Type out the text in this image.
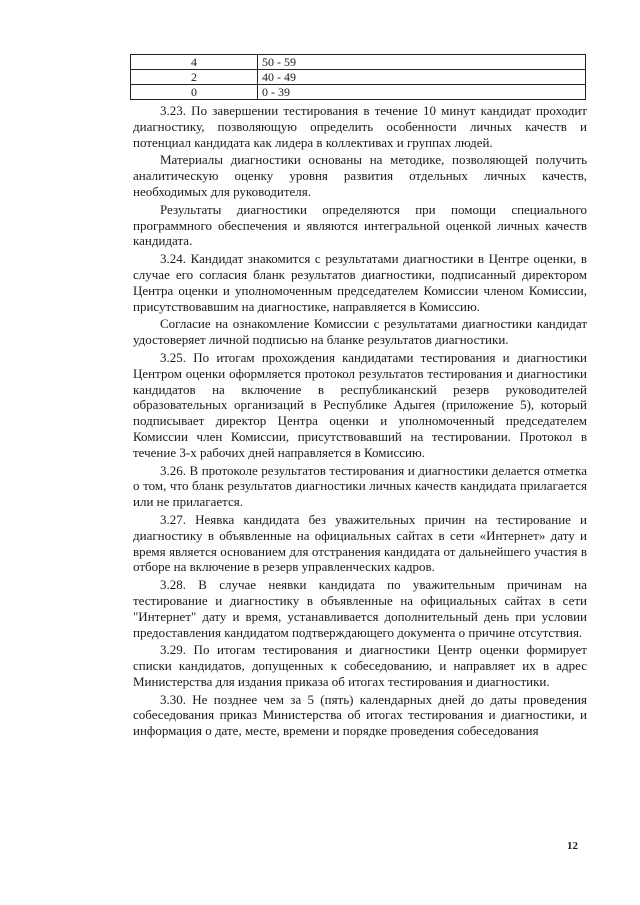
4	50 - 59
2	40 - 49
0	0 - 39

3.23. По завершении тестирования в течение 10 минут кандидат проходит диагностику, позволяющую определить особенности личных качеств и потенциал кандидата как лидера в коллективах и группах людей.

Материалы диагностики основаны на методике, позволяющей получить аналитическую оценку уровня развития отдельных личных качеств, необходимых для руководителя.

Результаты диагностики определяются при помощи специального программного обеспечения и являются интегральной оценкой личных качеств кандидата.

3.24. Кандидат знакомится с результатами диагностики в Центре оценки, в случае его согласия бланк результатов диагностики, подписанный директором Центра оценки и уполномоченным председателем Комиссии членом Комиссии, присутствовавшим на диагностике, направляется в Комиссию.

Согласие на ознакомление Комиссии с результатами диагностики кандидат удостоверяет личной подписью на бланке результатов диагностики.

3.25. По итогам прохождения кандидатами тестирования и диагностики Центром оценки оформляется протокол результатов тестирования и диагностики кандидатов на включение в республиканский резерв руководителей образовательных организаций в Республике Адыгея (приложение 5), который подписывает директор Центра оценки и уполномоченный председателем Комиссии член Комиссии, присутствовавший на тестировании. Протокол в течение 3-х рабочих дней направляется в Комиссию.

3.26. В протоколе результатов тестирования и диагностики делается отметка о том, что бланк результатов диагностики личных качеств кандидата прилагается или не прилагается.

3.27. Неявка кандидата без уважительных причин на тестирование и диагностику в объявленные на официальных сайтах в сети «Интернет» дату и время является основанием для отстранения кандидата от дальнейшего участия в отборе на включение в резерв управленческих кадров.

3.28. В случае неявки кандидата по уважительным причинам на тестирование и диагностику в объявленные на официальных сайтах в сети "Интернет" дату и время, устанавливается дополнительный день при условии предоставления кандидатом подтверждающего документа о причине отсутствия.

3.29. По итогам тестирования и диагностики Центр оценки формирует списки кандидатов, допущенных к собеседованию, и направляет их в адрес Министерства для издания приказа об итогах тестирования и диагностики.

3.30. Не позднее чем за 5 (пять) календарных дней до даты проведения собеседования приказ Министерства об итогах тестирования и диагностики, и информация о дате, месте, времени и порядке проведения собеседования

12
